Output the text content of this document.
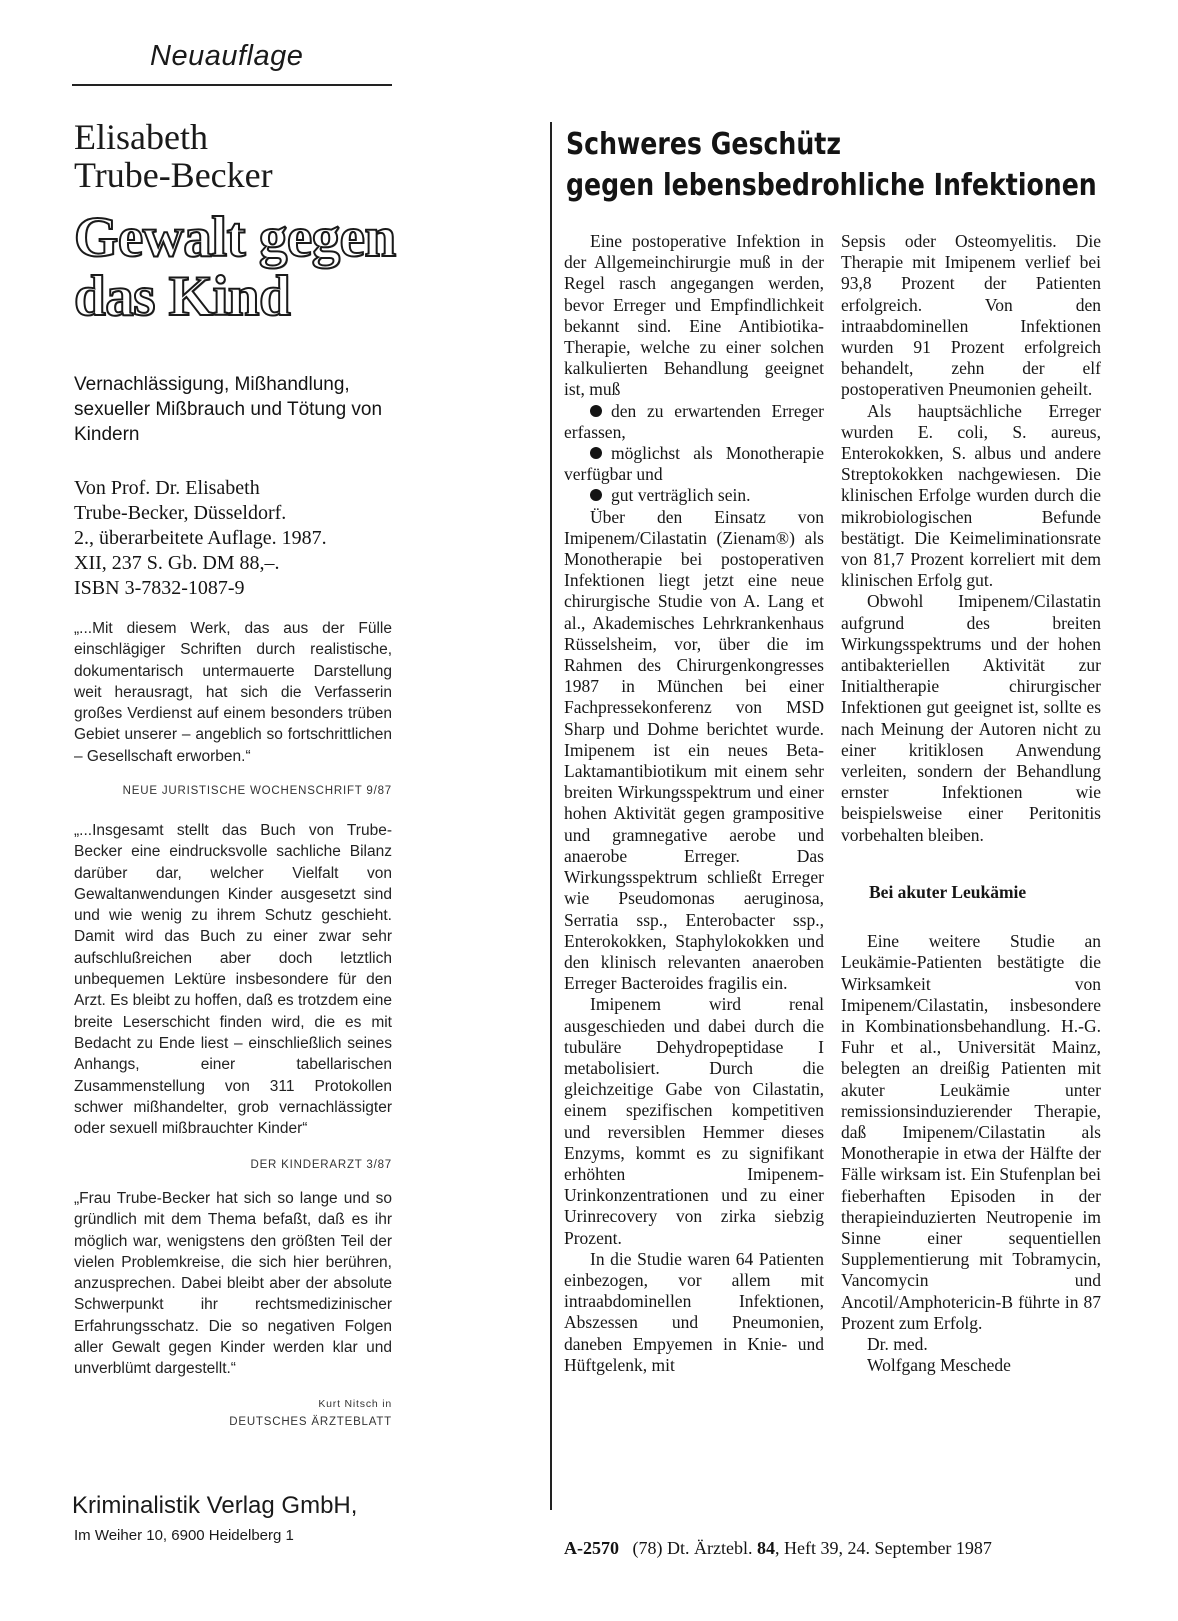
Neuauflage
Elisabeth
Trube-Becker
Gewalt gegen
das Kind
Vernachlässigung, Mißhandlung, sexueller Mißbrauch und Tötung von Kindern
Von Prof. Dr. Elisabeth
Trube-Becker, Düsseldorf.
2., überarbeitete Auflage. 1987.
XII, 237 S. Gb. DM 88,–.
ISBN 3-7832-1087-9
„...Mit diesem Werk, das aus der Fülle einschlägiger Schriften durch realistische, dokumentarisch untermauerte Darstellung weit herausragt, hat sich die Verfasserin großes Verdienst auf einem besonders trüben Gebiet unserer – angeblich so fortschrittlichen – Gesellschaft erworben.“
NEUE JURISTISCHE WOCHENSCHRIFT 9/87
„...Insgesamt stellt das Buch von Trube-Becker eine eindrucksvolle sachliche Bilanz darüber dar, welcher Vielfalt von Gewaltanwendungen Kinder ausgesetzt sind und wie wenig zu ihrem Schutz geschieht. Damit wird das Buch zu einer zwar sehr aufschlußreichen aber doch letztlich unbequemen Lektüre insbesondere für den Arzt. Es bleibt zu hoffen, daß es trotzdem eine breite Leserschicht finden wird, die es mit Bedacht zu Ende liest – einschließlich seines Anhangs, einer tabellarischen Zusammenstellung von 311 Protokollen schwer mißhandelter, grob vernachlässigter oder sexuell mißbrauchter Kinder“
DER KINDERARZT 3/87
„Frau Trube-Becker hat sich so lange und so gründlich mit dem Thema befaßt, daß es ihr möglich war, wenigstens den größten Teil der vielen Problemkreise, die sich hier berühren, anzusprechen. Dabei bleibt aber der absolute Schwerpunkt ihr rechtsmedizinischer Erfahrungsschatz. Die so negativen Folgen aller Gewalt gegen Kinder werden klar und unverblümt dargestellt.“
Kurt Nitsch in
DEUTSCHES ÄRZTEBLATT
Kriminalistik Verlag GmbH,
Im Weiher 10, 6900 Heidelberg 1
Schweres Geschütz
gegen lebensbedrohliche Infektionen

Eine postoperative Infektion in der Allgemeinchirurgie muß in der Regel rasch angegangen werden, bevor Erreger und Empfindlichkeit bekannt sind. Eine Antibiotika-Therapie, welche zu einer solchen kalkulierten Behandlung geeignet ist, muß

den zu erwartenden Erreger erfassen,

möglichst als Monotherapie verfügbar und

gut verträglich sein.

Über den Einsatz von Imipenem/Cilastatin (Zienam®) als Monotherapie bei postoperativen Infektionen liegt jetzt eine neue chirurgische Studie von A. Lang et al., Akademisches Lehrkrankenhaus Rüsselsheim, vor, über die im Rahmen des Chirurgenkongresses 1987 in München bei einer Fachpressekonferenz von MSD Sharp und Dohme berichtet wurde. Imipenem ist ein neues Beta-Laktamantibiotikum mit einem sehr breiten Wirkungsspektrum und einer hohen Aktivität gegen grampositive und gramnegative aerobe und anaerobe Erreger. Das Wirkungsspektrum schließt Erreger wie Pseudomonas aeruginosa, Serratia ssp., Enterobacter ssp., Enterokokken, Staphylokokken und den klinisch relevanten anaeroben Erreger Bacteroides fragilis ein.

Imipenem wird renal ausgeschieden und dabei durch die tubuläre Dehydropeptidase I metabolisiert. Durch die gleichzeitige Gabe von Cilastatin, einem spezifischen kompetitiven und reversiblen Hemmer dieses Enzyms, kommt es zu signifikant erhöhten Imipenem-Urinkonzentrationen und zu einer Urinrecovery von zirka siebzig Prozent.

In die Studie waren 64 Patienten einbezogen, vor allem mit intraabdominellen Infektionen, Abszessen und Pneumonien, daneben Empyemen in Knie- und Hüftgelenk, mit

Sepsis oder Osteomyelitis. Die Therapie mit Imipenem verlief bei 93,8 Prozent der Patienten erfolgreich. Von den intraabdominellen Infektionen wurden 91 Prozent erfolgreich behandelt, zehn der elf postoperativen Pneumonien geheilt.

Als hauptsächliche Erreger wurden E. coli, S. aureus, Enterokokken, S. albus und andere Streptokokken nachgewiesen. Die klinischen Erfolge wurden durch die mikrobiologischen Befunde bestätigt. Die Keimeliminationsrate von 81,7 Prozent korreliert mit dem klinischen Erfolg gut.

Obwohl Imipenem/Cilastatin aufgrund des breiten Wirkungsspektrums und der hohen antibakteriellen Aktivität zur Initialtherapie chirurgischer Infektionen gut geeignet ist, sollte es nach Meinung der Autoren nicht zu einer kritiklosen Anwendung verleiten, sondern der Behandlung ernster Infektionen wie beispielsweise einer Peritonitis vorbehalten bleiben.

Bei akuter Leukämie

Eine weitere Studie an Leukämie-Patienten bestätigte die Wirksamkeit von Imipenem/Cilastatin, insbesondere in Kombinationsbehandlung. H.-G. Fuhr et al., Universität Mainz, belegten an dreißig Patienten mit akuter Leukämie unter remissionsinduzierender Therapie, daß Imipenem/Cilastatin als Monotherapie in etwa der Hälfte der Fälle wirksam ist. Ein Stufenplan bei fieberhaften Episoden in der therapieinduzierten Neutropenie im Sinne einer sequentiellen Supplementierung mit Tobramycin, Vancomycin und Ancotil/Amphotericin-B führte in 87 Prozent zum Erfolg.

Dr. med.

Wolfgang Meschede

A-2570 (78) Dt. Ärztebl. 84, Heft 39, 24. September 1987
